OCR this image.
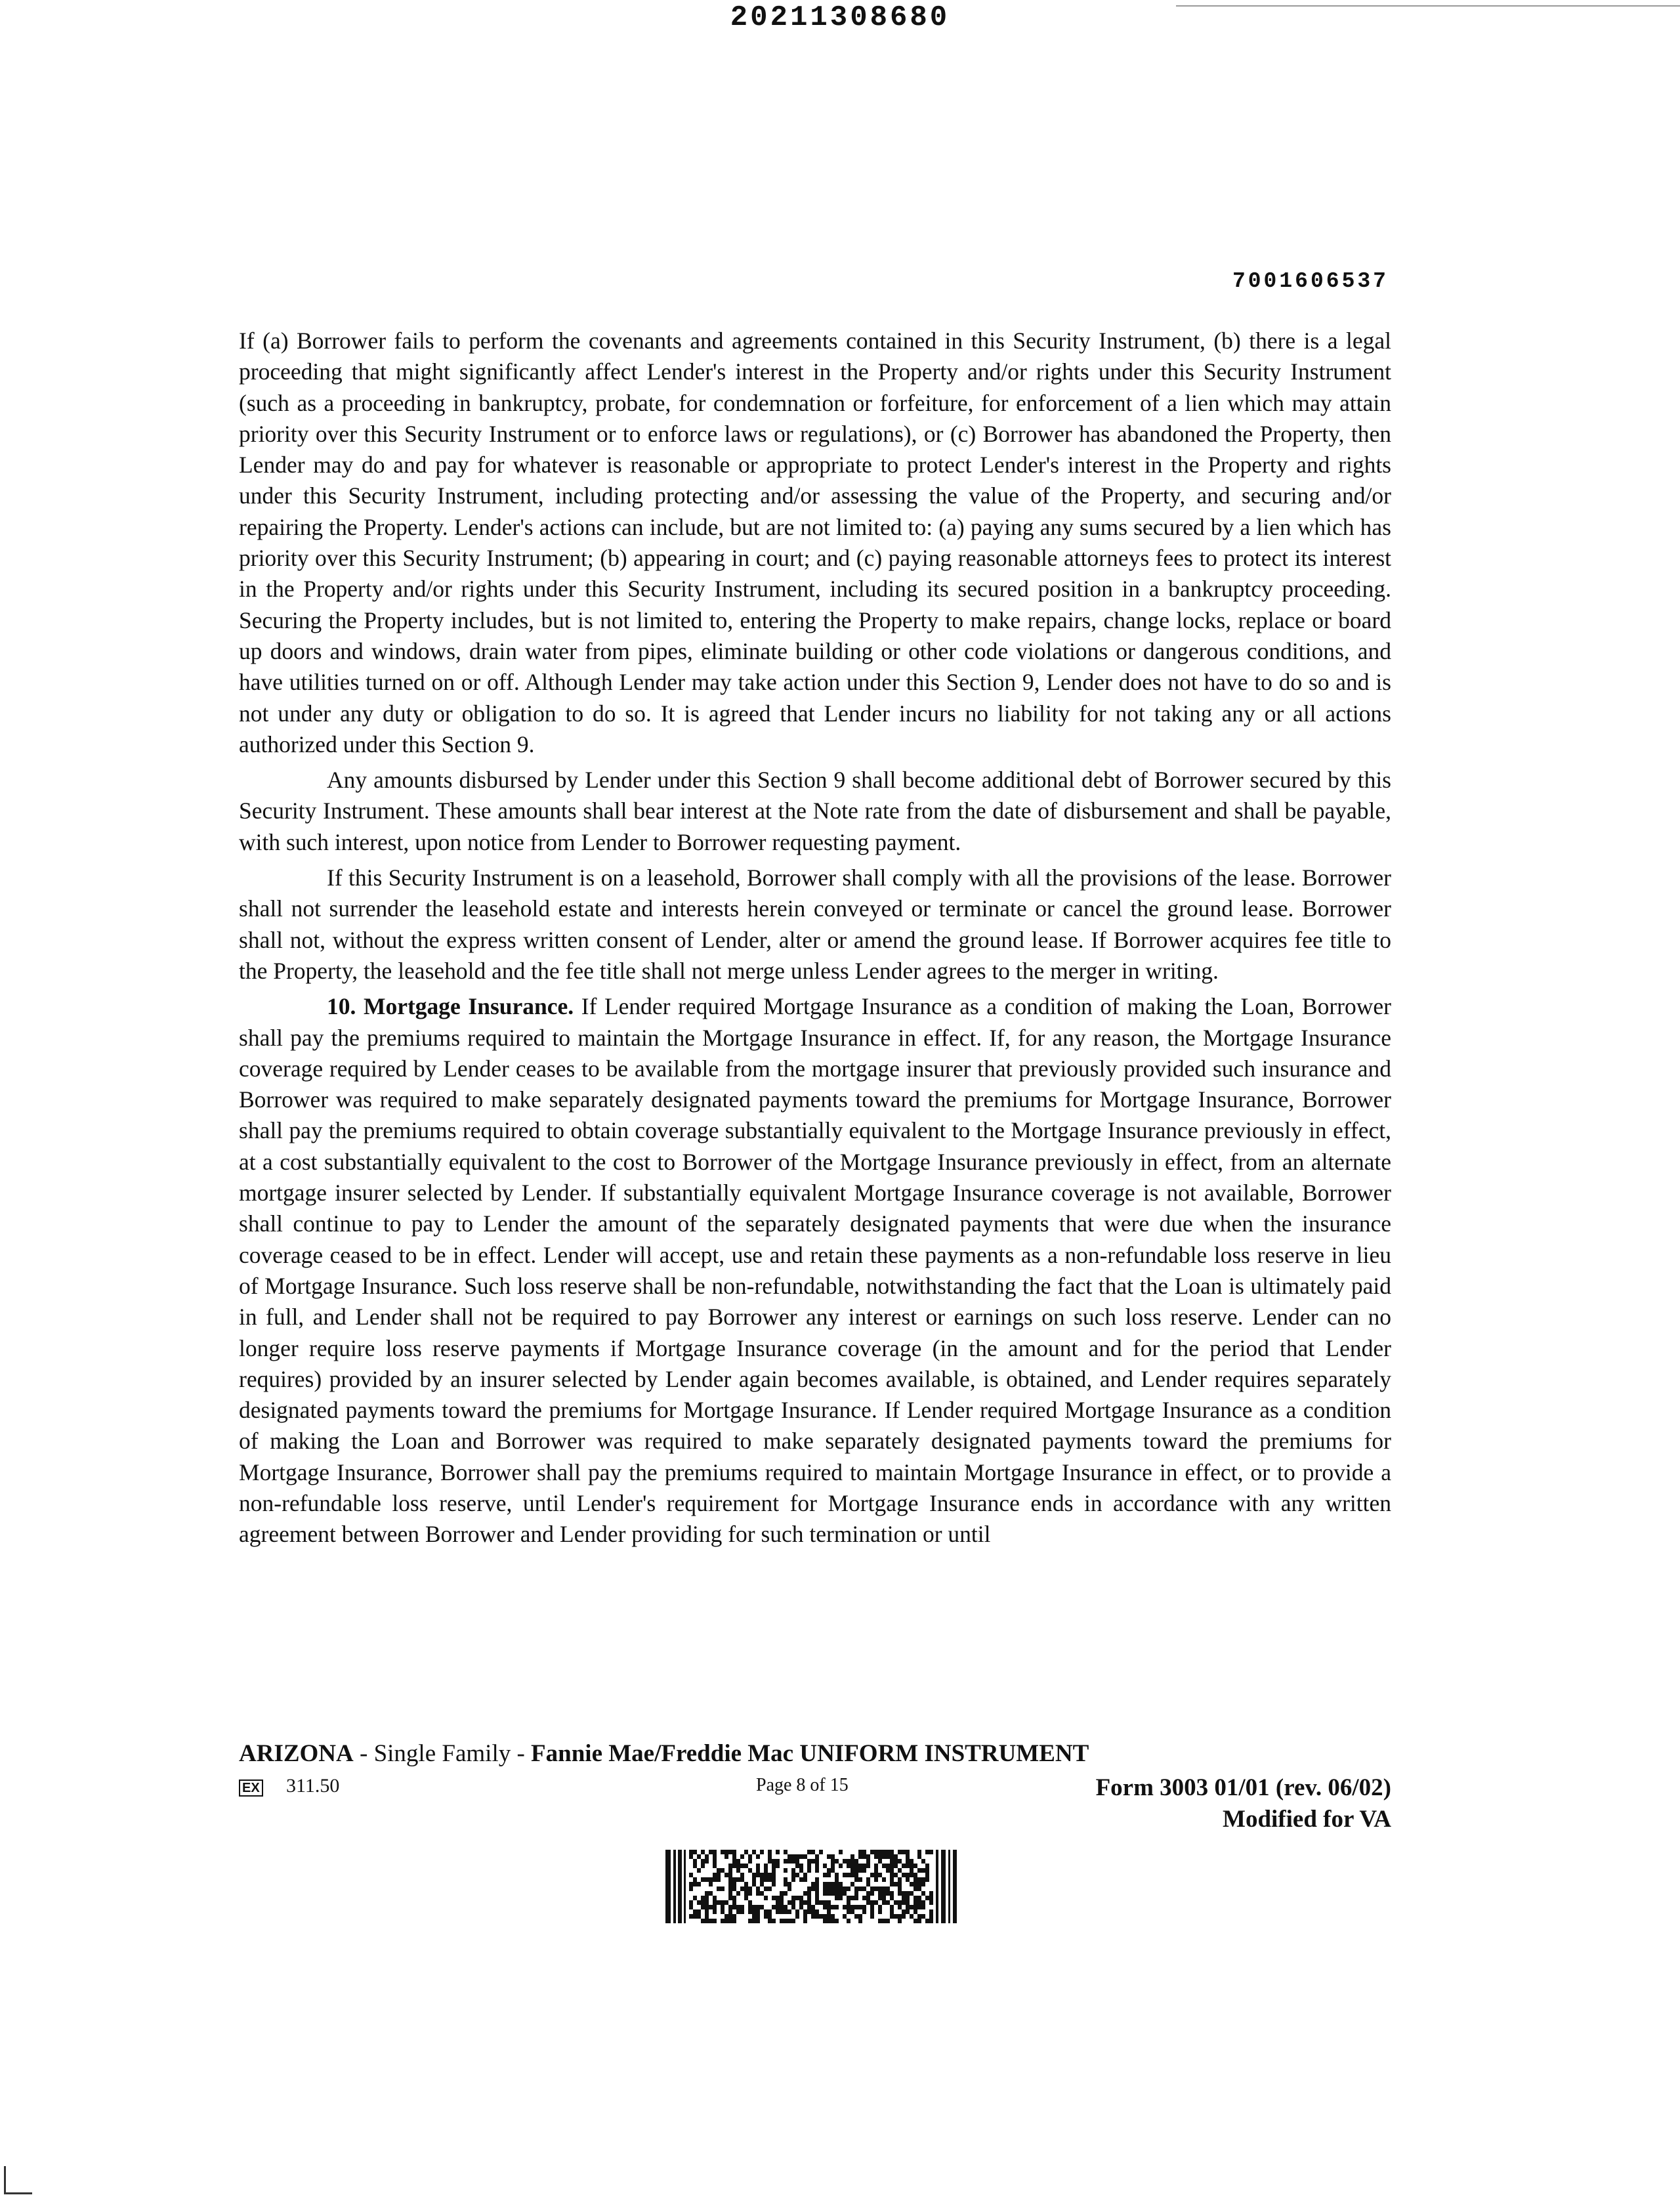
20211308680
7001606537

If (a) Borrower fails to perform the covenants and agreements contained in this Security Instrument, (b) there is a legal proceeding that might significantly affect Lender's interest in the Property and/or rights under this Security Instrument (such as a proceeding in bankruptcy, probate, for condemnation or forfeiture, for enforcement of a lien which may attain priority over this Security Instrument or to enforce laws or regulations), or (c) Borrower has abandoned the Property, then Lender may do and pay for whatever is reasonable or appropriate to protect Lender's interest in the Property and rights under this Security Instrument, including protecting and/or assessing the value of the Property, and securing and/or repairing the Property. Lender's actions can include, but are not limited to: (a) paying any sums secured by a lien which has priority over this Security Instrument; (b) appearing in court; and (c) paying reasonable attorneys fees to protect its interest in the Property and/or rights under this Security Instrument, including its secured position in a bankruptcy proceeding. Securing the Property includes, but is not limited to, entering the Property to make repairs, change locks, replace or board up doors and windows, drain water from pipes, eliminate building or other code violations or dangerous conditions, and have utilities turned on or off. Although Lender may take action under this Section 9, Lender does not have to do so and is not under any duty or obligation to do so. It is agreed that Lender incurs no liability for not taking any or all actions authorized under this Section 9.

Any amounts disbursed by Lender under this Section 9 shall become additional debt of Borrower secured by this Security Instrument. These amounts shall bear interest at the Note rate from the date of disbursement and shall be payable, with such interest, upon notice from Lender to Borrower requesting payment.

If this Security Instrument is on a leasehold, Borrower shall comply with all the provisions of the lease. Borrower shall not surrender the leasehold estate and interests herein conveyed or terminate or cancel the ground lease. Borrower shall not, without the express written consent of Lender, alter or amend the ground lease. If Borrower acquires fee title to the Property, the leasehold and the fee title shall not merge unless Lender agrees to the merger in writing.

10. Mortgage Insurance. If Lender required Mortgage Insurance as a condition of making the Loan, Borrower shall pay the premiums required to maintain the Mortgage Insurance in effect. If, for any reason, the Mortgage Insurance coverage required by Lender ceases to be available from the mortgage insurer that previously provided such insurance and Borrower was required to make separately designated payments toward the premiums for Mortgage Insurance, Borrower shall pay the premiums required to obtain coverage substantially equivalent to the Mortgage Insurance previously in effect, at a cost substantially equivalent to the cost to Borrower of the Mortgage Insurance previously in effect, from an alternate mortgage insurer selected by Lender. If substantially equivalent Mortgage Insurance coverage is not available, Borrower shall continue to pay to Lender the amount of the separately designated payments that were due when the insurance coverage ceased to be in effect. Lender will accept, use and retain these payments as a non-refundable loss reserve in lieu of Mortgage Insurance. Such loss reserve shall be non-refundable, notwithstanding the fact that the Loan is ultimately paid in full, and Lender shall not be required to pay Borrower any interest or earnings on such loss reserve. Lender can no longer require loss reserve payments if Mortgage Insurance coverage (in the amount and for the period that Lender requires) provided by an insurer selected by Lender again becomes available, is obtained, and Lender requires separately designated payments toward the premiums for Mortgage Insurance. If Lender required Mortgage Insurance as a condition of making the Loan and Borrower was required to make separately designated payments toward the premiums for Mortgage Insurance, Borrower shall pay the premiums required to maintain Mortgage Insurance in effect, or to provide a non-refundable loss reserve, until Lender's requirement for Mortgage Insurance ends in accordance with any written agreement between Borrower and Lender providing for such termination or until

ARIZONA - Single Family - Fannie Mae/Freddie Mac UNIFORM INSTRUMENT
EX 311.50	Page 8 of 15	Form 3003 01/01 (rev. 06/02)
Modified for VA
